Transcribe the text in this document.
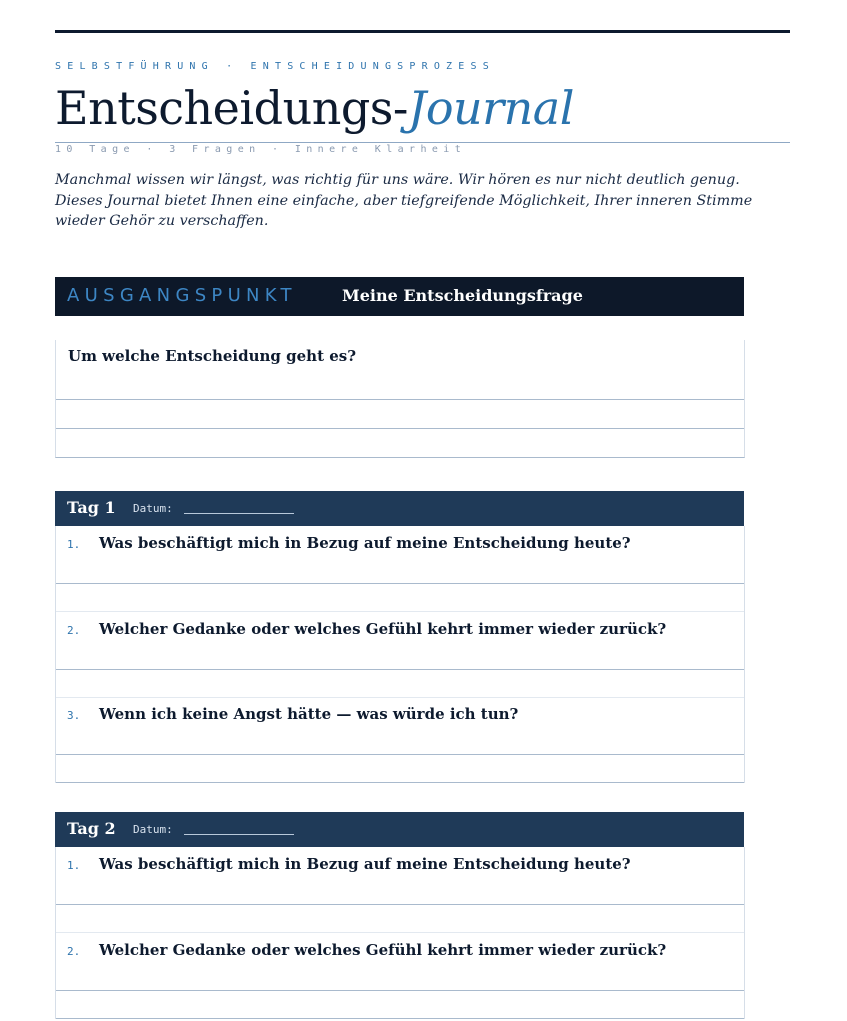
SELBSTFÜHRUNG · ENTSCHEIDUNGSPROZESS
Entscheidungs-Journal
10 Tage · 3 Fragen · Innere Klarheit
Manchmal wissen wir längst, was richtig für uns wäre. Wir hören es nur nicht deutlich genug. Dieses Journal bietet Ihnen eine einfache, aber tiefgreifende Möglichkeit, Ihrer inneren Stimme wieder Gehör zu verschaffen.
AUSGANGSPUNKT	Meine Entscheidungsfrage
Um welche Entscheidung geht es?
Tag 1 Datum:
1. Was beschäftigt mich in Bezug auf meine Entscheidung heute?
2. Welcher Gedanke oder welches Gefühl kehrt immer wieder zurück?
3. Wenn ich keine Angst hätte — was würde ich tun?
Tag 2 Datum:
1. Was beschäftigt mich in Bezug auf meine Entscheidung heute?
2. Welcher Gedanke oder welches Gefühl kehrt immer wieder zurück?
